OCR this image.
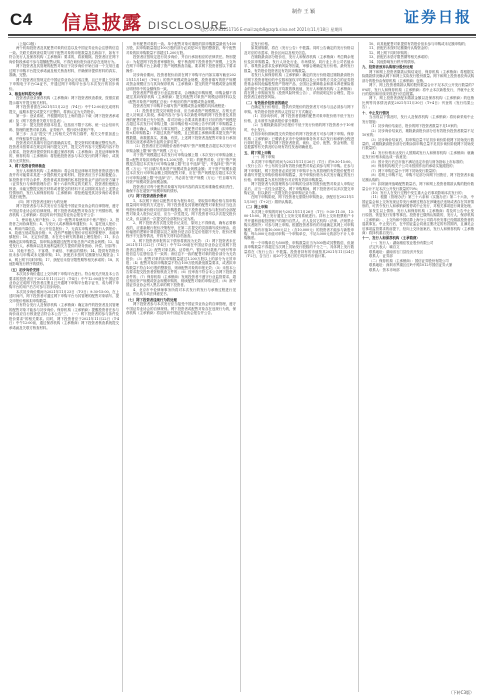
C4 信息披露 DISCLOSURE
制作 王 颖
电话:010-83251716 E-mail:zqrb9@zqrb.sina.net 2021年11月18日 星期四
证券日报

（上接C3版）

两个机构投资者及其配售对象的信息以及中国证券业协会注册的信息一致。关联关系核查结果与网下配售对象的申报数量及名称如下，如有不符合发行人及保荐机构（主承销商）要求的，将被剔除。投资者应在网下询价阶段承诺不参与超额配售认购，不得在询价报价前后存在违规行为。

网下投资者及其管理的配售对象应于初步询价开始日前一个交易日通过网下申购平台提交承诺函及相关核查材料，并确保所提供材料的真实、准确、完整。

网下投资者应按规定在中国证券业协会完成注册，且已开通上交所网下申购电子平台CA证书，并通过网下申购平台参与本次发行的初步询价。

2、核查材料提交步骤

投资者请登录保荐机构（主承销商）网下投资者核查系统，按照页面提示填写并提交相关材料。

网下投资者需在2021年11月22日（T-4日）中午12:00前完成材料提交，逾期未提交或提交不完整的，将被认定为无效报价。

第一步：登录系统，并根据网页右上角的提示下载《网下投资者承诺函》及《网下投资者关联方信息表》。

第二步：提交投资者基本信息，包括但不限于名称、统一社会信用代码、管理的配售对象名称、证券账户、银行收付款账户等。

第三步：点击"提交"并上传相关文件的扫描件，相关文件需加盖公章，并保留原件以备查验。

投资者须对其填写信息的准确真实性、提交资料的准确完整性负责。投资者未按要求在规定时间内提交文件，提交文件内容不完整或内容不符合要求，投资者所提供资料未通过保荐机构（主承销商）及见证律师审核的，保荐机构（主承销商）将拒绝投资者参与本次发行的网下询价，或视其为无效报价。

3、网下投资者资格核查

发行人和保荐机构（主承销商）将会同见证律师对投资者资质进行核查并有可能要求其进一步提供相关证明材料，投资者应当予以积极配合。如投资者不符合条件、投资者或其管理的私募投资基金产品的出资方属于《证券发行与承销管理办法》第十六条所界定的关联方、投资者拒绝配合核查、未能完整提交相关材料或者提交的材料不足以排除其存在上述禁止性情形的，发行人和保荐机构（主承销商）将拒绝接受其初步询价或者向其进行配售。

（四）网下投资者违规行为的处理

网下投资者参与本次发行应当接受中国证券业协会的自律管理，遵守中国证券业协会的自律规则。网下投资者或配售对象存在下列情形的，保荐机构（主承销商）将及时向中国证券业协会报告并公告：

1、使用他人账户报价；2、同一配售对象使用多个账户报价；3、投资者之间协商报价；4、与发行人或承销商串通报价；5、委托他人报价；6、利用内幕信息、未公开信息报价；7、无真实申购意图进行人情报价；8、故意压低或抬高价格；9、没有严格履行报价评估和决策程序、未能审慎报价；10、无定价依据、未在充分研究的基础上理性报价；11、未合理确定拟申购数量，拟申购金额超过配售对象总资产或资金规模；12、接受发行人、承销商以及其他利益相关方提供的财务资助、补偿、回扣等；13、其他不独立、不客观、不诚信、不廉洁的情形；14、提供有效报价但未参与申购或未足额申购；15、获配后未按时足额缴付认购资金；16、网上网下同时申购；17、获配后未恪守限售期等相关承诺的；18、其他影响发行秩序的情形。

（五）初步询价安排

本次初步询价通过上交所网下申购平台进行。符合相关法规及本公告要求的投资者应于2021年11月22日（T-4日）中午12:00前在中国证券业协会完成网下投资者注册且已开通网下申购平台数字证书，成为网下申购平台的用户后方可参与初步询价。

本次初步询价期间为2021年11月23日（T-3日）9:30-15:00。在上述时间内，网下投资者可通过网下申购平台为其管理的配售对象填写、提交申报价格和拟申购数量。

只有符合发行人及保荐机构（主承销商）确定条件的投资者及其管理的配售对象才能参与初步询价。保荐机构（主承销商）提醒投资者在参与询价前应自行核查是否符合本公告"三、（一）网下投资者的参与条件及报价要求"的相关要求。同时，网下投资者应于2021年11月22日（T-4日）中午12:00前，通过保荐机构（主承销商）网下投资者核查系统提交承诺函及关联方核查材料。

所有配售对象的一致。单个配售对象可填报的拟申购数量最低为100万股，拟申购数量超过100万股的部分必须是10万股的整数倍，每个配售对象的拟申购数量不得超过1,200万股。

投资者应按规定进行初步询价，并自行承担相应的法律责任。特别提示：为促进网下投资者审慎报价，便于核查网下投资者资产规模，上交所在网下申购平台上新增了资产规模核查功能。要求网下投资者按以下要求操作：

初步询价期间，投资者报价前须在网下申购平台内如实填写截至2021年11月16日（T-8日）的资产规模或资金规模，投资者填写的资产规模或资金规模应当与其向保荐机构（主承销商）提交的资产规模或资金规模证明材料中的金额保持一致。

投资者需严格遵守行业监管要求，合理确定申购规模，申购金额不得超过其向保荐机构（主承销商）提交的配售对象资产规模证明材料以及《配售对象资产规模汇总表》中相应的资产规模或资金规模。

投资者在网下申购平台填写资产规模或资金规模的具体流程是：

（1）投资者在提交初询报价前，应当承诺资产规模情况，否则无法进入初询录入阶段。承诺内容为"参与本次新股申购的网下投资者及其管理的配售对象已充分知悉，将对初询公告要求的基准日对应的资产规模是否超过本次发行可申购上限（拟申购价格×初询公告中的网下申购数量上限）进行确认，该确认与事实相符。上述配售对象拟申购金额（拟申购价格×拟申购数量）不超过其资产规模，且已根据主承销商要求提交资产规模数据，该数据真实、准确、有效。上述网下投资者及配售对象自行承担因违反前述承诺所引起的全部后果"。

（2）投资者应在初询报价表格中填写"资产规模是否超过本次发行可申购金额上限"和"资产规模（万元）"。

对于资产规模超过本次发行可申购金额上限（本次发行可申购金额上限=配售对象拟申购价格×1,200万股，下同）的配售对象，应在"资产规模是否超过本次发行可申购金额上限"栏目中选择"是"，并选择在"资产规模（万元）"栏目填写具体资产规模或资金规模金额；对于资产规模未超过本次发行可申购金额上限的配售对象，应在"资产规模是否超过本次发行可申购金额上限"中选择"否"，并必须在"资产规模（万元）"栏目填写具体资产规模或资金规模金额。

投资者应对每个配售对象填写具体内容的真实性和准确性承担责任，确保不存在超资产规模申购的情形。

（六）网下投资者报价要求

1、本次网下询价以配售对象为报价单位，采取拟申购价格与拟申购数量同时申报的方式进行。网下投资者及其管理的配售对象报价应当包含每股价格和该价格对应的拟申购股数。网下投资者为拟参与报价的全部配售对象录入报价记录后，应当一次性提交。网下投资者可以多次提交报价记录，但以最后一次提交的全部报价记录为准。

2、网下投资者首次提交报价记录后，原则上不得修改，确有必要修改的，应重新履行报价决策程序，在第二次提交的页面填写改价理由、改价幅度的逻辑计算依据以及之前报价是否存在定价依据不充分、报价决策程序不完备等情况，并将有关材料存档备查。

3、网下投资者申报的以下情形将被视为无效：（1）网下投资者未在2021年11月22日（T-4日）中午12:00前在中国证券业协会完成网下投资者注册的；（2）配售对象名称、证券账户、银行收付款账户/账号等申报信息与注册信息不一致的；该信息不一致的配售对象的报价部分为无效报价；（3）配售对象的拟申购数量超过1,200万股以上的部分为无效申报；（4）配售对象拟申购数量不符合100万股的最低数量要求，或者拟申购数量不符合10万股的整数倍，则该配售对象的申报无效；（5）未按本公告要求提交投资者资格核查文件的；（6）经审查不符合本公告网下投资者条件的；（7）保荐机构（主承销商）发现投资者不遵守行业监管要求、超过相应资产规模或资金规模申购的，则该配售对象的申购无效；（8）被中国证券业协会列入黑名单的网下投资者。

4、北京市中伦律师事务所将对本次发行的发行与承销过程进行见证，并出具专项法律意见书。

（七）网下投资者违规行为的处理

网下投资者参与本次发行应当接受中国证券业协会的自律管理，遵守中国证券业协会的自律规则。网下投资者或配售对象存在违规行为的，保荐机构（主承销商）将及时向中国证券业协会报告并公告。

定发行价格。

如果被剔除，将在《发行公告》中披露。同时公告确定的发行价格以及对应的市盈率、报价区间以及相关信息。

在剔除最高部分报价后，发行人和保荐机构（主承销商）考虑剩余报价及拟申购数量、发行人所处行业、市场情况、同行业上市公司估值水平、募集资金需求及承销风险等因素，审慎合理确定发行价格、最终发行数量、有效报价投资者及有效拟申购数量。

若发行人和保荐机构（主承销商）确定的发行价格超过剔除最高报价后网下投资者报价的中位数和加权平均数以及公开募集方式设立的证券投资基金和其他偏股型资产管理产品、全国社会保障基金和基本养老保险基金的报价中位数和加权平均数的孰低值，发行人和保荐机构（主承销商）将在网上申购前发布《投资风险特别公告》，详细说明定价合理性，提示投资者注意投资风险。

（二）有效报价投资者的确定

在确定发行价格后，提供有效报价的投资者方可参与且必须参与网下申购。有效报价投资者的认定按以下方式确定：

（1）初步询价时，网下投资者管理的配售对象申报价格不低于发行价格，且未被作为最高报价部分剔除；

（2）当剔除最高部分后报价不低于发行价格的网下投资者小于10家时，中止发行。

在初步询价期间提交有效报价的网下投资者方可参与网下申购。保荐机构（主承销商）已聘请北京市中伦律师事务所对本次发行和承销全程进行即时见证，并将对网下投资者资质、询价、定价、配售、资金划拨、信息披露等有关情况的合规有效性发表明确意见。

五、网下网上申购

（一）网下申购

本次网下申购的时间为2021年11月26日（T日）的9:30-15:00。《发行公告》中公布的全部有效报价配售对象必须参与网下申购。在参与网下申购时，网下投资者必须在网下申购平台为其管理的有效报价配售对象填写并提交申购价格和申购数量，其中申购价格为本次发行确定的发行价格；申购数量为其有效报价对应的有效拟申购数量。

网下投资者为其管理的参与申购的全部有效报价配售对象录入申购记录后，应当一次性全部提交。网下申购期间，网下投资者可以多次提交申购记录，但以最后一次提交的全部申购记录为准。

在网下申购阶段，网下投资者无需缴付申购资金，获配后在2021年11月30日（T+2日）缴纳认购款。

（二）网上申购

本次网上申购的时间为2021年11月26日（T日）9:30-11:30，13:00-15:00。网上发行通过上交所交易系统进行。持有上交所股票账户卡并开通科创板投资账户的境内自然人、法人及其它机构（法律、法规禁止购买者除外）可参与网上申购。根据投资者持有的市值确定其网上可申购额度，持有市值10,000元以上（含10,000元）的投资者才能参与新股申购，每5,000元市值可申购一个申购单位，不足5,000元的部分不计入申购额度。

每一个申购单位为500股，申购数量应当为500股或其整数倍，但最高申购数量不得超过当次网上初始发行股数的千分之一，具体网上发行数量将在《发行公告》中披露。投资者持有的市值按其2021年11月24日（T-2日，含当日）前20个交易日的日均持有市值计算。

10、向其他配售对象提供有效报价但未参与申购或未足额申购的；

11、获配后未按时足额缴付认购资金的；

12、网上网下同时申购的；

13、获配后未恪守限售期等相关承诺的；

14、其他影响发行秩序的情形。

九、投资者放弃认购部分股份处理

网下和网上投资者缴款认购结束后，保荐机构（主承销商）将根据实际缴款情况确认网下和网上实际发行股份数量。网下和网上投资者放弃认购部分的股份由保荐机构（主承销商）包销。

网下、网上投资者缴款认购的股份数量合计不足本次公开发行数量的70%时，发行人和保荐机构（主承销商）将中止本次新股发行，并就中止发行的原因和后续安排进行信息披露。

网下、网上投资者获配未缴款金额以及保荐机构（主承销商）的包销比例等具体情况请见2021年11月30日（T+4日）刊登的《发行结果公告》。

十、中止发行情况

当出现以下情况时，发行人及保荐机构（主承销商）将协商采取中止发行措施：

（1）初步询价结束后，报价的网下投资者数量不足10家的；

（2）初步询价结束后，剔除最高报价部分后有效报价投资者数量不足10家的；

（3）初步询价结束后，拟申购总量不足初步询价阶段网下初始发行数量的，或剔除最高报价部分后剩余拟申购总量不足初步询价阶段网下初始发行数量的；

（4）发行价格未达发行人预期或发行人和保荐机构（主承销商）就确定发行价格未能达成一致意见；

（5）预计发行后总市值不满足选定市值与财务指标上市标准的；

（6）保荐机构相关子公司未按照作出的承诺实施跟投的；

（7）网下申购总量小于网下初始发行数量的；

（8）若网上申购不足，申购不足部分向网下回拨后，网下投资者未能足额认购的；

（9）扣除最终战略配售数量后，网下和网上投资者缴款认购的股份数量合计不足本次公开发行数量的70%；

（10）发行人在发行过程中发生重大会后事项影响本次发行的；

（11）根据《管理办法》第三十六条和《实施办法》第二十六条，中国证监会和上交所发现证券发行承销过程存在涉嫌违法违规或者存在异常情形的，可责令发行人和承销商暂停或中止发行，对相关事项进行调查处理。

如发生以上情形，发行人和保荐机构（主承销商）将及时公告中止发行原因、恢复发行安排等事宜。投资者已缴纳认购款的，发行人、保荐机构（主承销商）、上交所和中国结算上海分公司将尽快安排已经缴款投资者的退款事宜。中止发行后，在中国证监会同意注册决定的有效期内，且满足会后事项监管要求的前提下，经向上交所备案后，发行人和保荐机构（主承销商）将择机重启发行。

十一、发行人和保荐机构（主承销商）

（一）发行人：湖南湘佳牧业股份有限公司

法定代表人：喻自文

联系地址：湖南省石门县经济开发区

联系人：证券部

（二）保荐机构（主承销商）：国信证券股份有限公司

联系地址：深圳市罗湖区红岭中路1012号国信证券大厦

联系人：资本市场部

（下转C3版）
